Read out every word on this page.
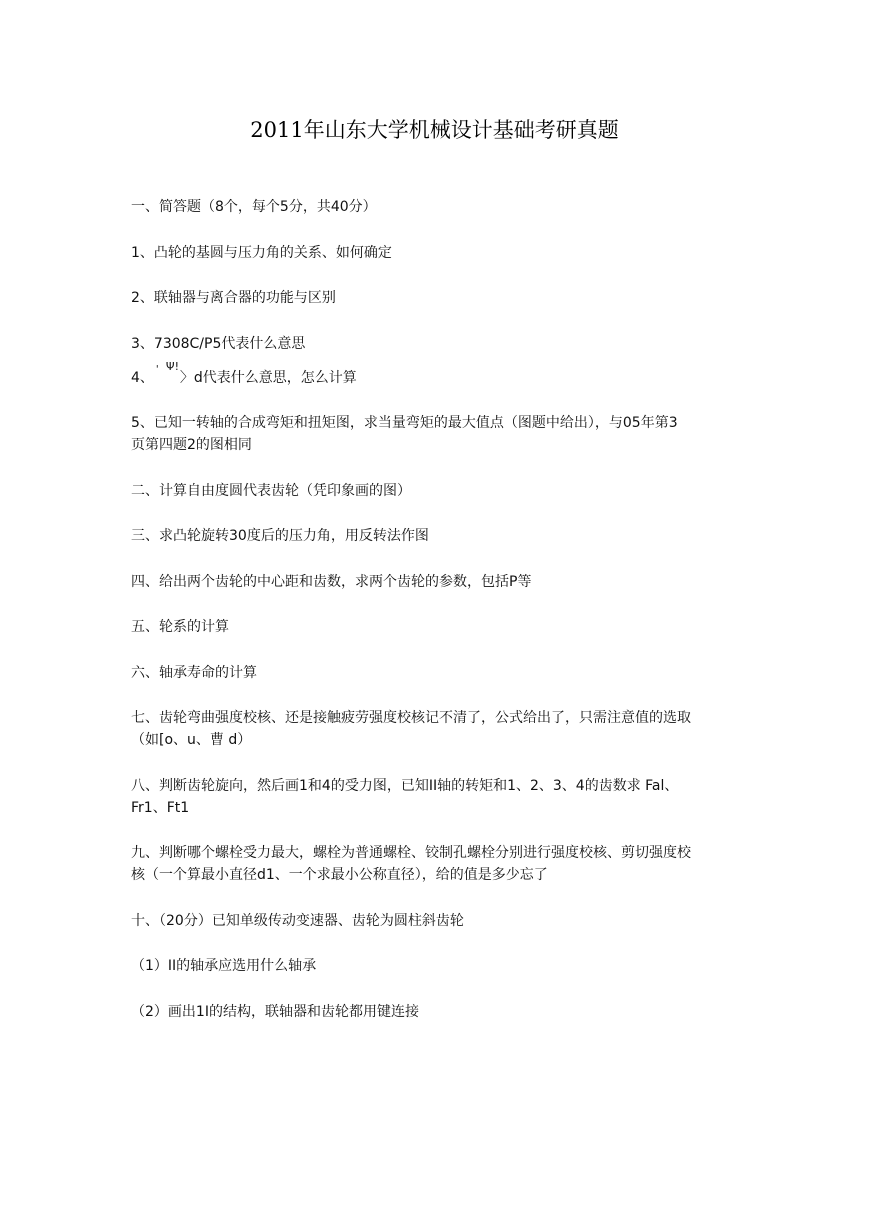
2011年山东大学机械设计基础考研真题

一、简答题（8个，每个5分，共40分）

1、凸轮的基圆与压力角的关系、如何确定

2、联轴器与离合器的功能与区别

3、7308C/P5代表什么意思

4、
' Ψ!
〉 d代表什么意思，怎么计算

5、已知一转轴的合成弯矩和扭矩图，求当量弯矩的最大值点（图题中给出），与05年第3
页第四题2的图相同

二、计算自由度圆代表齿轮（凭印象画的图）

三、求凸轮旋转30度后的压力角，用反转法作图

四、给出两个齿轮的中心距和齿数，求两个齿轮的参数，包括P等

五、轮系的计算

六、轴承寿命的计算

七、齿轮弯曲强度校核、还是接触疲劳强度校核记不清了，公式给出了，只需注意值的选取
（如[o、u、曹 d）

八、判断齿轮旋向，然后画1和4的受力图，已知II轴的转矩和1、2、3、4的齿数求 Fal、
Fr1、Ft1

九、判断哪个螺栓受力最大，螺栓为普通螺栓、铰制孔螺栓分别进行强度校核、剪切强度校
核（一个算最小直径d1、一个求最小公称直径），给的值是多少忘了

十、（20分）已知单级传动变速器、齿轮为圆柱斜齿轮

（1）II的轴承应选用什么轴承

（2）画出1I的结构，联轴器和齿轮都用键连接
